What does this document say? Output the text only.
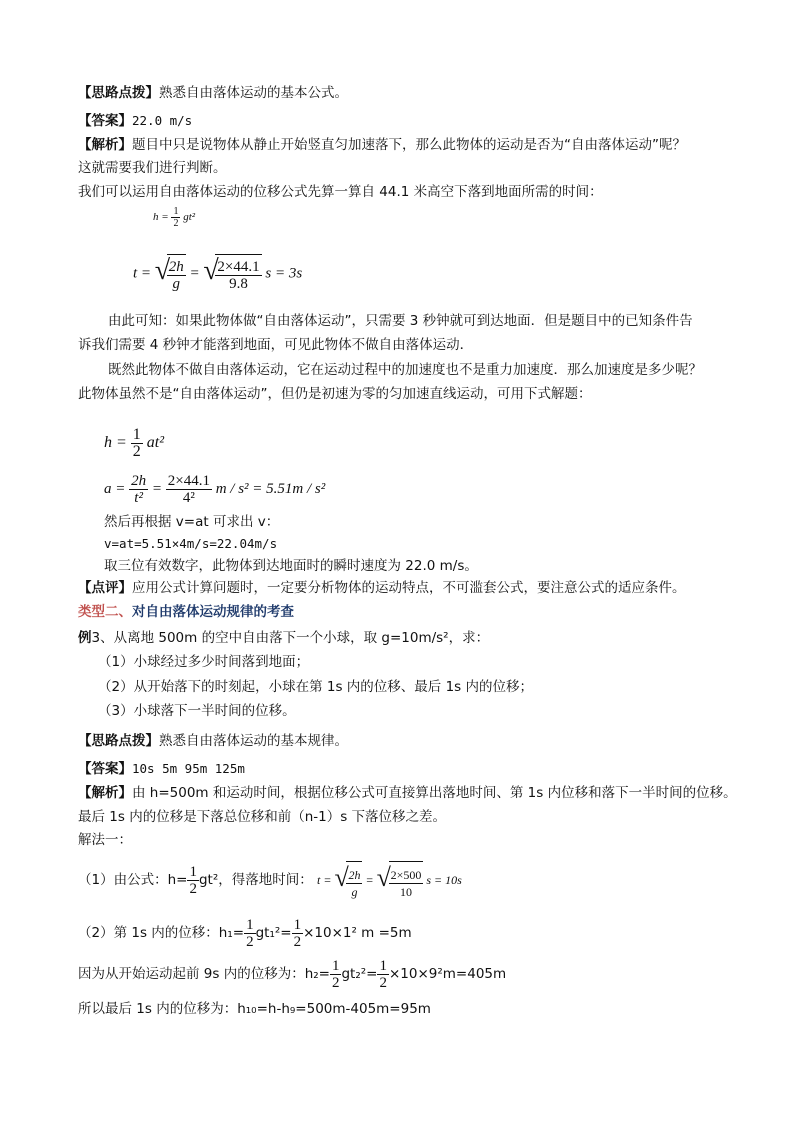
【思路点拨】熟悉自由落体运动的基本公式。
【答案】22.0 m/s
【解析】题目中只是说物体从静止开始竖直匀加速落下，那么此物体的运动是否为“自由落体运动”呢？
这就需要我们进行判断。
我们可以运用自由落体运动的位移公式先算一算自 44.1 米高空下落到地面所需的时间：
$h = \frac{1}{2} gt^2$
t = √
$\frac{2h}{g}$ = √
$\frac{2\times 44.1}{9.8}$ s = 3s
由此可知：如果此物体做“自由落体运动”，只需要 3 秒钟就可到达地面．但是题目中的已知条件告
诉我们需要 4 秒钟才能落到地面，可见此物体不做自由落体运动．
既然此物体不做自由落体运动，它在运动过程中的加速度也不是重力加速度．那么加速度是多少呢？
此物体虽然不是“自由落体运动”，但仍是初速为零的匀加速直线运动，可用下式解题：
$h = \frac{1}{2} at^2$
$a = \frac{2h}{\text{t²}} = \frac{2\times 44.1}{\text{4²}}$ m / s² = 5.51m / s²
然后再根据 v=at 可求出 v：
v=at=5.51×4m/s=22.04m/s
取三位有效数字，此物体到达地面时的瞬时速度为 22.0 m/s。
【点评】应用公式计算问题时，一定要分析物体的运动特点，不可滥套公式，要注意公式的适应条件。
类型二、对自由落体运动规律的考查
例3、从离地 500m 的空中自由落下一个小球，取 g=10m/s²，求：
（1）小球经过多少时间落到地面；
（2）从开始落下的时刻起，小球在第 1s 内的位移、最后 1s 内的位移；
（3）小球落下一半时间的位移。
【思路点拨】熟悉自由落体运动的基本规律。
【答案】10s 5m 95m 125m
【解析】由 h=500m 和运动时间，根据位移公式可直接算出落地时间、第 1s 内位移和落下一半时间的位移。
最后 1s 内的位移是下落总位移和前（n-1）s 下落位移之差。
解法一：
（1）由公式：$h= \frac{1}{2} gt^2$，得落地时间： t = √
$\frac{2h}{g}$ = √
$\frac{2\times 500}{10}$ s = 10s
（2）第 1s 内的位移：$h_1= \frac{1}{2} gt_1^2= \frac{1}{2} \times 10\times 1^2$ m =5m
因为从开始运动起前 9s 内的位移为：$h_2= \frac{1}{2} gt_2^2= \frac{1}{2} \times 10\times 9^2m=405m$
所以最后 1s 内的位移为：h₁₀=h-h₉=500m-405m=95m
